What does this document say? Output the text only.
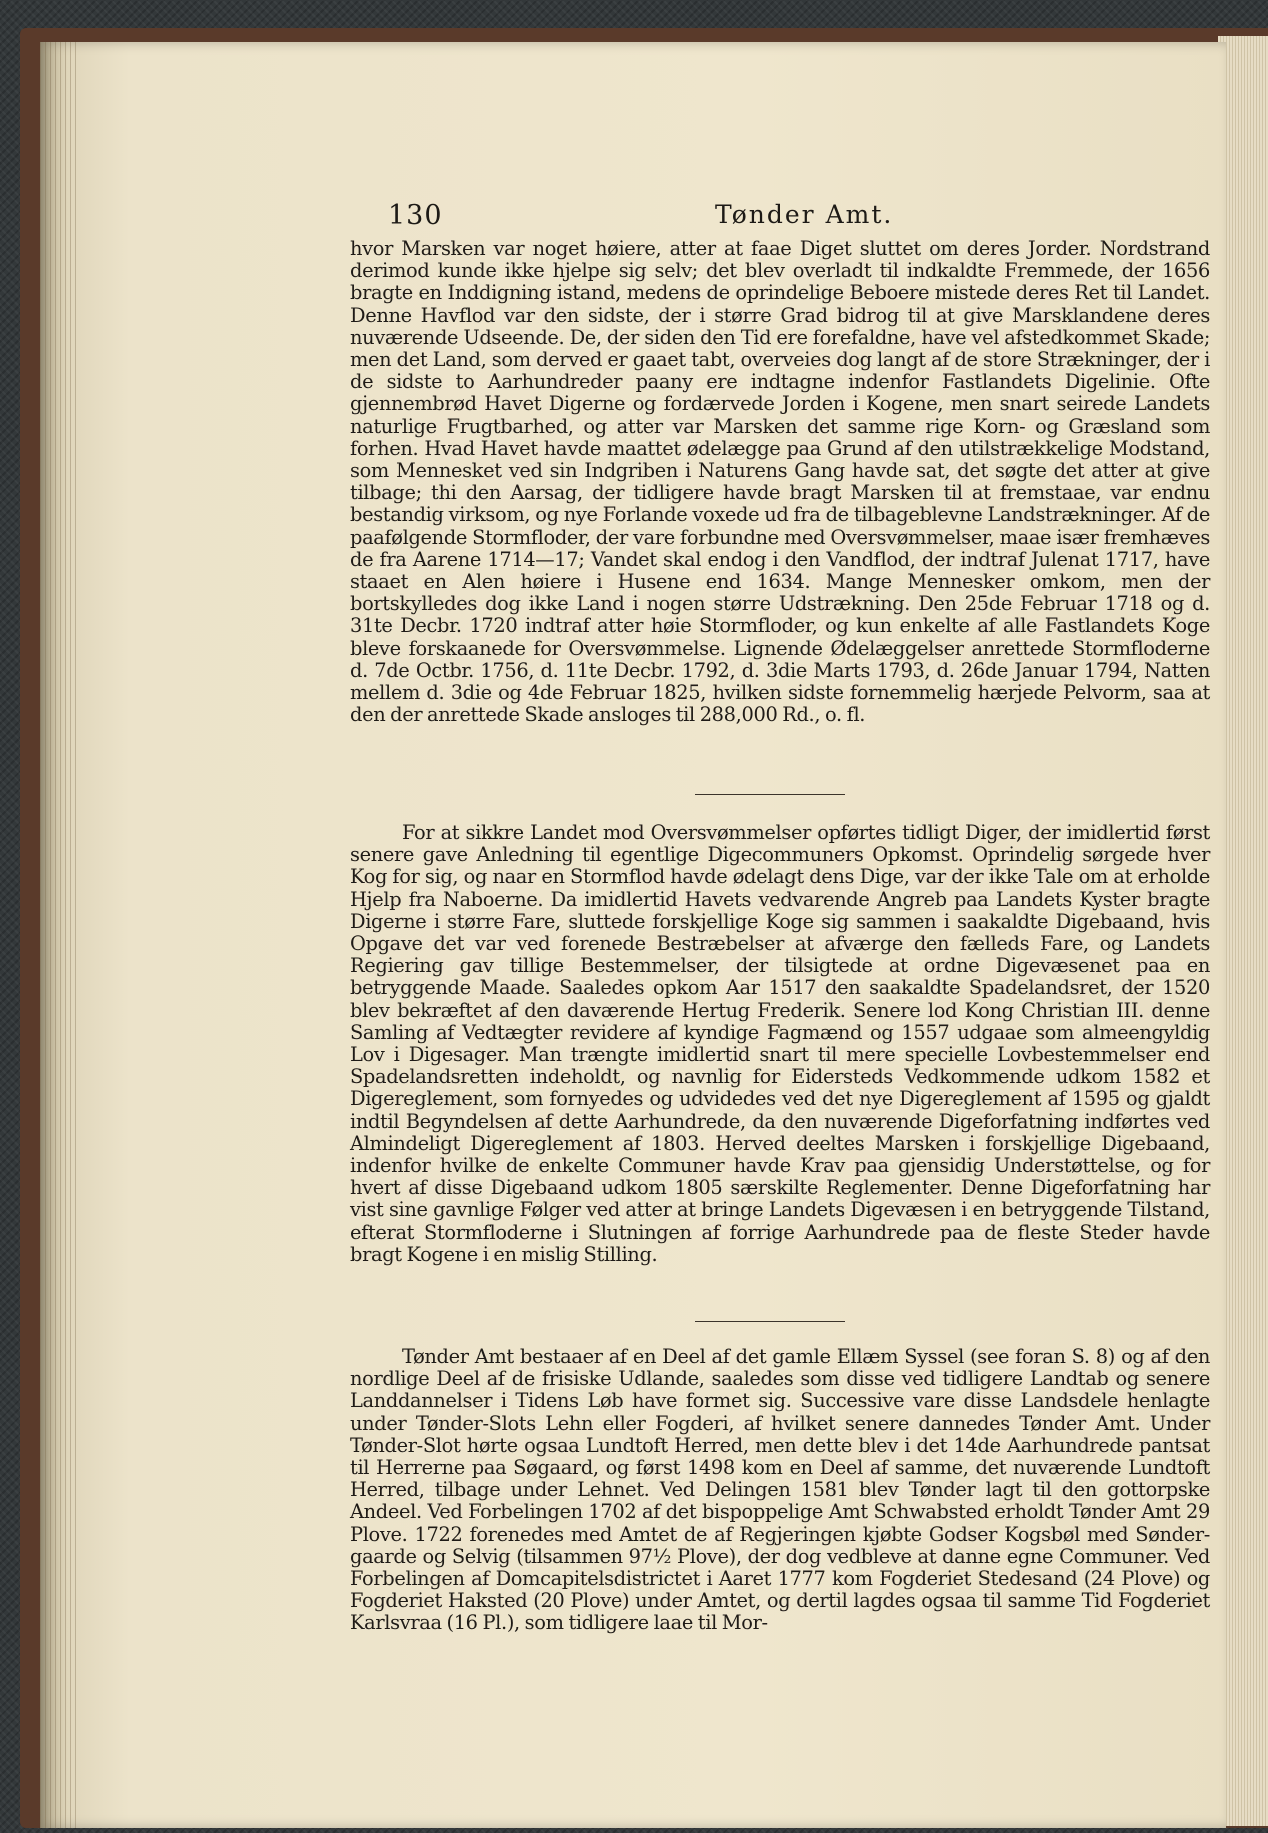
130	Tønder Amt.

hvor Marsken var noget høiere, atter at faae Diget sluttet om deres Jorder. Nordstrand derimod kunde ikke hjelpe sig selv; det blev overladt til indkaldte Fremmede, der 1656 bragte en Inddigning istand, medens de oprindelige Beboere mistede deres Ret til Landet. Denne Havflod var den sidste, der i større Grad bidrog til at give Marsklandene deres nuværende Udseende. De, der siden den Tid ere forefaldne, have vel afstedkommet Skade; men det Land, som derved er gaaet tabt, overveies dog langt af de store Strækninger, der i de sidste to Aarhundreder paany ere indtagne indenfor Fastlandets Digelinie. Ofte gjennembrød Havet Digerne og fordærvede Jorden i Kogene, men snart seirede Landets naturlige Frugtbarhed, og atter var Marsken det samme rige Korn- og Græsland som forhen. Hvad Havet havde maattet ødelægge paa Grund af den utilstrækkelige Modstand, som Mennesket ved sin Indgriben i Naturens Gang havde sat, det søgte det atter at give tilbage; thi den Aarsag, der tidligere havde bragt Marsken til at fremstaae, var endnu bestandig virksom, og nye Forlande voxede ud fra de tilbageblevne Landstrækninger. Af de paafølgende Stormfloder, der vare forbundne med Oversvømmelser, maae især fremhæves de fra Aarene 1714—17; Vandet skal endog i den Vandflod, der indtraf Julenat 1717, have staaet en Alen høiere i Husene end 1634. Mange Mennesker omkom, men der bortskylledes dog ikke Land i nogen større Udstrækning. Den 25de Februar 1718 og d. 31te Decbr. 1720 indtraf atter høie Stormfloder, og kun enkelte af alle Fastlandets Koge bleve forskaanede for Oversvømmelse. Lignende Ødelæggelser anrettede Stormfloderne d. 7de Octbr. 1756, d. 11te Decbr. 1792, d. 3die Marts 1793, d. 26de Januar 1794, Natten mellem d. 3die og 4de Februar 1825, hvilken sidste fornemmelig hærjede Pelvorm, saa at den der anrettede Skade ansloges til 288,000 Rd., o. fl.

For at sikkre Landet mod Oversvømmelser opførtes tidligt Diger, der imidlertid først senere gave Anledning til egentlige Digecommuners Opkomst. Oprindelig sørgede hver Kog for sig, og naar en Stormflod havde ødelagt dens Dige, var der ikke Tale om at erholde Hjelp fra Naboerne. Da imidlertid Havets vedvarende Angreb paa Landets Kyster bragte Digerne i større Fare, sluttede forskjellige Koge sig sammen i saakaldte Digebaand, hvis Opgave det var ved forenede Bestræbelser at afværge den fælleds Fare, og Landets Regiering gav tillige Bestemmelser, der tilsigtede at ordne Digevæsenet paa en betryggende Maade. Saaledes opkom Aar 1517 den saakaldte Spadelandsret, der 1520 blev bekræftet af den daværende Hertug Frederik. Senere lod Kong Christian III. denne Samling af Vedtægter revidere af kyndige Fagmænd og 1557 udgaae som almeengyldig Lov i Digesager. Man trængte imidlertid snart til mere specielle Lovbestemmelser end Spadelandsretten indeholdt, og navnlig for Eidersteds Vedkommende udkom 1582 et Digereglement, som fornyedes og udvidedes ved det nye Digereglement af 1595 og gjaldt indtil Begyndelsen af dette Aarhundrede, da den nuværende Digeforfatning indførtes ved Almindeligt Digereglement af 1803. Herved deeltes Marsken i forskjellige Digebaand, indenfor hvilke de enkelte Communer havde Krav paa gjensidig Understøttelse, og for hvert af disse Digebaand udkom 1805 særskilte Reglementer. Denne Digeforfatning har vist sine gavnlige Følger ved atter at bringe Landets Digevæsen i en betryggende Tilstand, efterat Stormfloderne i Slutningen af forrige Aarhundrede paa de fleste Steder havde bragt Kogene i en mislig Stilling.

Tønder Amt bestaaer af en Deel af det gamle Ellæm Syssel (see foran S. 8) og af den nordlige Deel af de frisiske Udlande, saaledes som disse ved tidligere Landtab og senere Landdannelser i Tidens Løb have formet sig. Successive vare disse Landsdele henlagte under Tønder-Slots Lehn eller Fogderi, af hvilket senere dannedes Tønder Amt. Under Tønder-Slot hørte ogsaa Lundtoft Herred, men dette blev i det 14de Aarhundrede pantsat til Herrerne paa Søgaard, og først 1498 kom en Deel af samme, det nuværende Lundtoft Herred, tilbage under Lehnet. Ved Delingen 1581 blev Tønder lagt til den gottorpske Andeel. Ved Forbelingen 1702 af det bispoppelige Amt Schwabsted erholdt Tønder Amt 29 Plove. 1722 forenedes med Amtet de af Regjeringen kjøbte Godser Kogsbøl med Sønder-gaarde og Selvig (tilsammen 97½ Plove), der dog vedbleve at danne egne Communer. Ved Forbelingen af Domcapitelsdistrictet i Aaret 1777 kom Fogderiet Stedesand (24 Plove) og Fogderiet Haksted (20 Plove) under Amtet, og dertil lagdes ogsaa til samme Tid Fogderiet Karlsvraa (16 Pl.), som tidligere laae til Mor-
